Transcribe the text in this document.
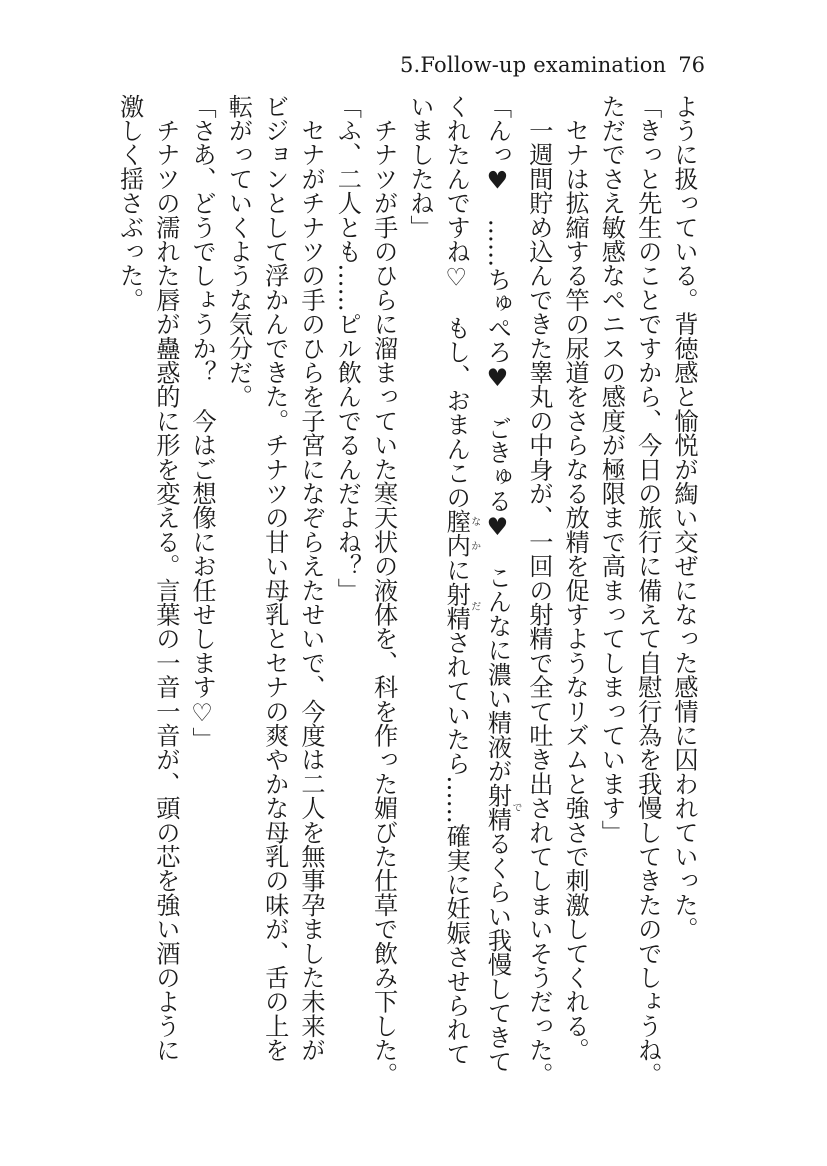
5.Follow-up examination 76
ように扱っている。背徳感と愉悦が綯い交ぜになった感情に囚われていった。
「きっと先生のことですから、今日の旅行に備えて自慰行為を我慢してきたのでしょうね。
ただでさえ敏感なペニスの感度が極限まで高まってしまっています」
　セナは拡縮する竿の尿道をさらなる放精を促すようなリズムと強さで刺激してくれる。
　一週間貯め込んできた睾丸の中身が、一回の射精で全て吐き出されてしまいそうだった。
「んっ♥　……ちゅぺろ♥　ごきゅる♥　こんなに濃い精液が射精でるくらい我慢してきて
くれたんですね♡　もし、おまんこの膣内なかに射精だされていたら……確実に妊娠させられて
いましたね」
　チナツが手のひらに溜まっていた寒天状の液体を、科を作った媚びた仕草で飲み下した。
「ふ、二人とも……ピル飲んでるんだよね？」
　セナがチナツの手のひらを子宮になぞらえたせいで、今度は二人を無事孕ました未来が
ビジョンとして浮かんできた。チナツの甘い母乳とセナの爽やかな母乳の味が、舌の上を
転がっていくような気分だ。
「さあ、どうでしょうか？　今はご想像にお任せします♡」
　チナツの濡れた唇が蠱惑的に形を変える。言葉の一音一音が、頭の芯を強い酒のように
激しく揺さぶった。
